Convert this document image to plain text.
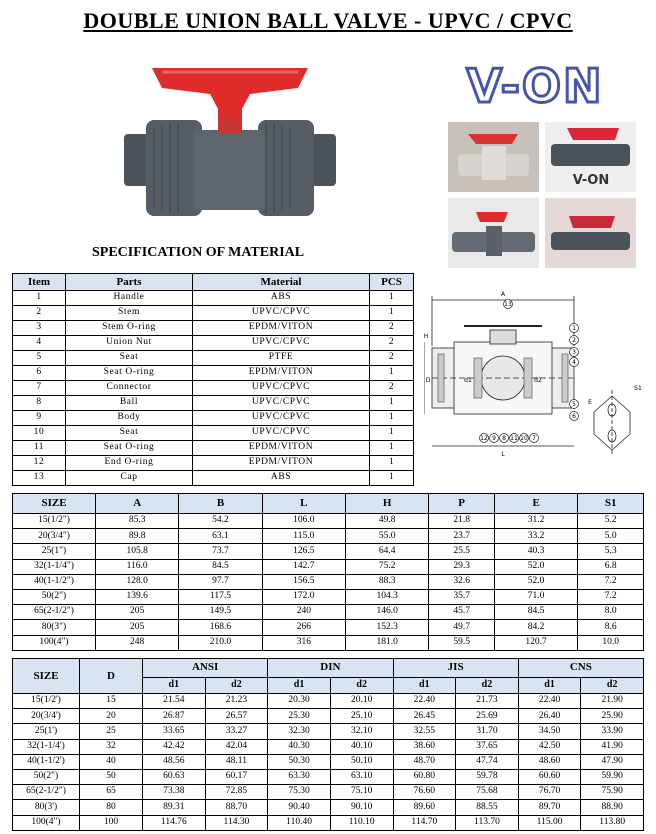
DOUBLE UNION BALL VALVE - UPVC / CPVC
V-ON
V-ON
SPECIFICATION OF MATERIAL
Item	Parts	Material	PCS
1	Handle	ABS	1
2	Stem	UPVC/CPVC	1
3	Stem O-ring	EPDM/VITON	2
4	Union Nut	UPVC/CPVC	2
5	Seat	PTFE	2
6	Seat O-ring	EPDM/VITON	1
7	Connector	UPVC/CPVC	2
8	Ball	UPVC/CPVC	1
9	Body	UPVC/CPVC	1
10	Seat	UPVC/CPVC	1
11	Seat O-ring	EPDM/VITON	1
12	End O-ring	EPDM/VITON	1
13	Cap	ABS	1
13
1
2
3
4
5
6
12 9 8 11 10 7
A
H
L
E
S1
d1	d2
D
SIZE	A	B	L	H	P	E	S1
15(1/2")	85.3	54.2	106.0	49.8	21.8	31.2	5.2
20(3/4")	89.8	63.1	115.0	55.0	23.7	33.2	5.0
25(1")	105.8	73.7	126.5	64.4	25.5	40.3	5.3
32(1-1/4")	116.0	84.5	142.7	75.2	29.3	52.0	6.8
40(1-1/2")	128.0	97.7	156.5	88.3	32.6	52.0	7.2
50(2")	139.6	117.5	172.0	104.3	35.7	71.0	7.2
65(2-1/2")	205	149.5	240	146.0	45.7	84.5	8.0
80(3")	205	168.6	266	152.3	49.7	84.2	8.6
100(4")	248	210.0	316	181.0	59.5	120.7	10.0
SIZE	D	ANSI		DIN		JIS		CNS	
		d1	d2	d1	d2	d1	d2	d1	d2
15(1/2')	15	21.54	21.23	20.30	20.10	22.40	21.73	22.40	21.90
20(3/4')	20	26.87	26.57	25.30	25.10	26.45	25.69	26.40	25.90
25(1')	25	33.65	33.27	32.30	32.10	32.55	31.70	34.50	33.90
32(1-1/4')	32	42.42	42.04	40.30	40.10	38.60	37.65	42.50	41.90
40(1-1/2')	40	48.56	48.11	50.30	50.10	48.70	47.74	48.60	47.90
50(2")	50	60.63	60.17	63.30	63.10	60.80	59.78	60.60	59.90
65(2-1/2")	65	73.38	72.85	75.30	75.10	76.60	75.68	76.70	75.90
80(3')	80	89.31	88.70	90.40	90.10	89.60	88.55	89.70	88.90
100(4")	100	114.76	114.30	110.40	110.10	114.70	113.70	115.00	113.80
